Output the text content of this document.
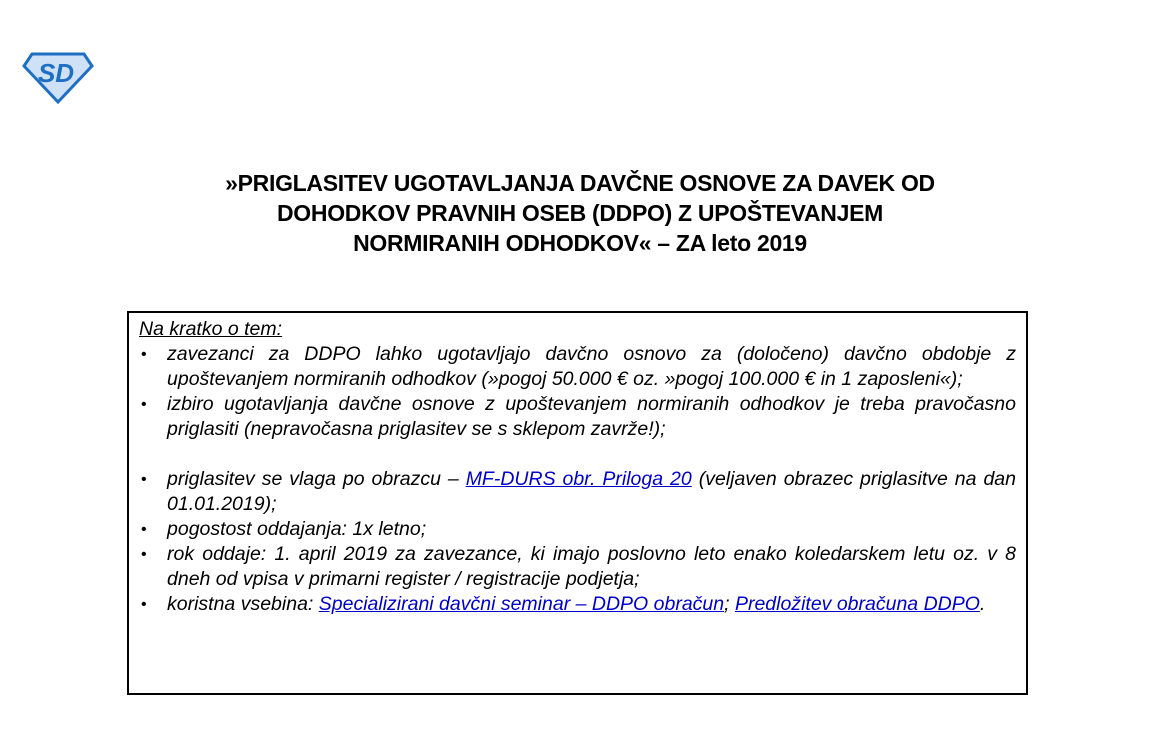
SD
»PRIGLASITEV UGOTAVLJANJA DAVČNE OSNOVE ZA DAVEK OD
DOHODKOV PRAVNIH OSEB (DDPO) Z UPOŠTEVANJEM
NORMIRANIH ODHODKOV« – ZA leto 2019
Na kratko o tem:
• zavezanci za DDPO lahko ugotavljajo davčno osnovo za (določeno) davčno obdobje z upoštevanjem normiranih odhodkov (»pogoj 50.000 € oz. »pogoj 100.000 € in 1 zaposleni«);
• izbiro ugotavljanja davčne osnove z upoštevanjem normiranih odhodkov je treba pravočasno priglasiti (nepravočasna priglasitev se s sklepom zavrže!);
• priglasitev se vlaga po obrazcu – MF-DURS obr. Priloga 20 (veljaven obrazec priglasitve na dan 01.01.2019);
• pogostost oddajanja: 1x letno;
• rok oddaje: 1. april 2019 za zavezance, ki imajo poslovno leto enako koledarskem letu oz. v 8 dneh od vpisa v primarni register / registracije podjetja;
• koristna vsebina: Specializirani davčni seminar – DDPO obračun; Predložitev obračuna DDPO.
